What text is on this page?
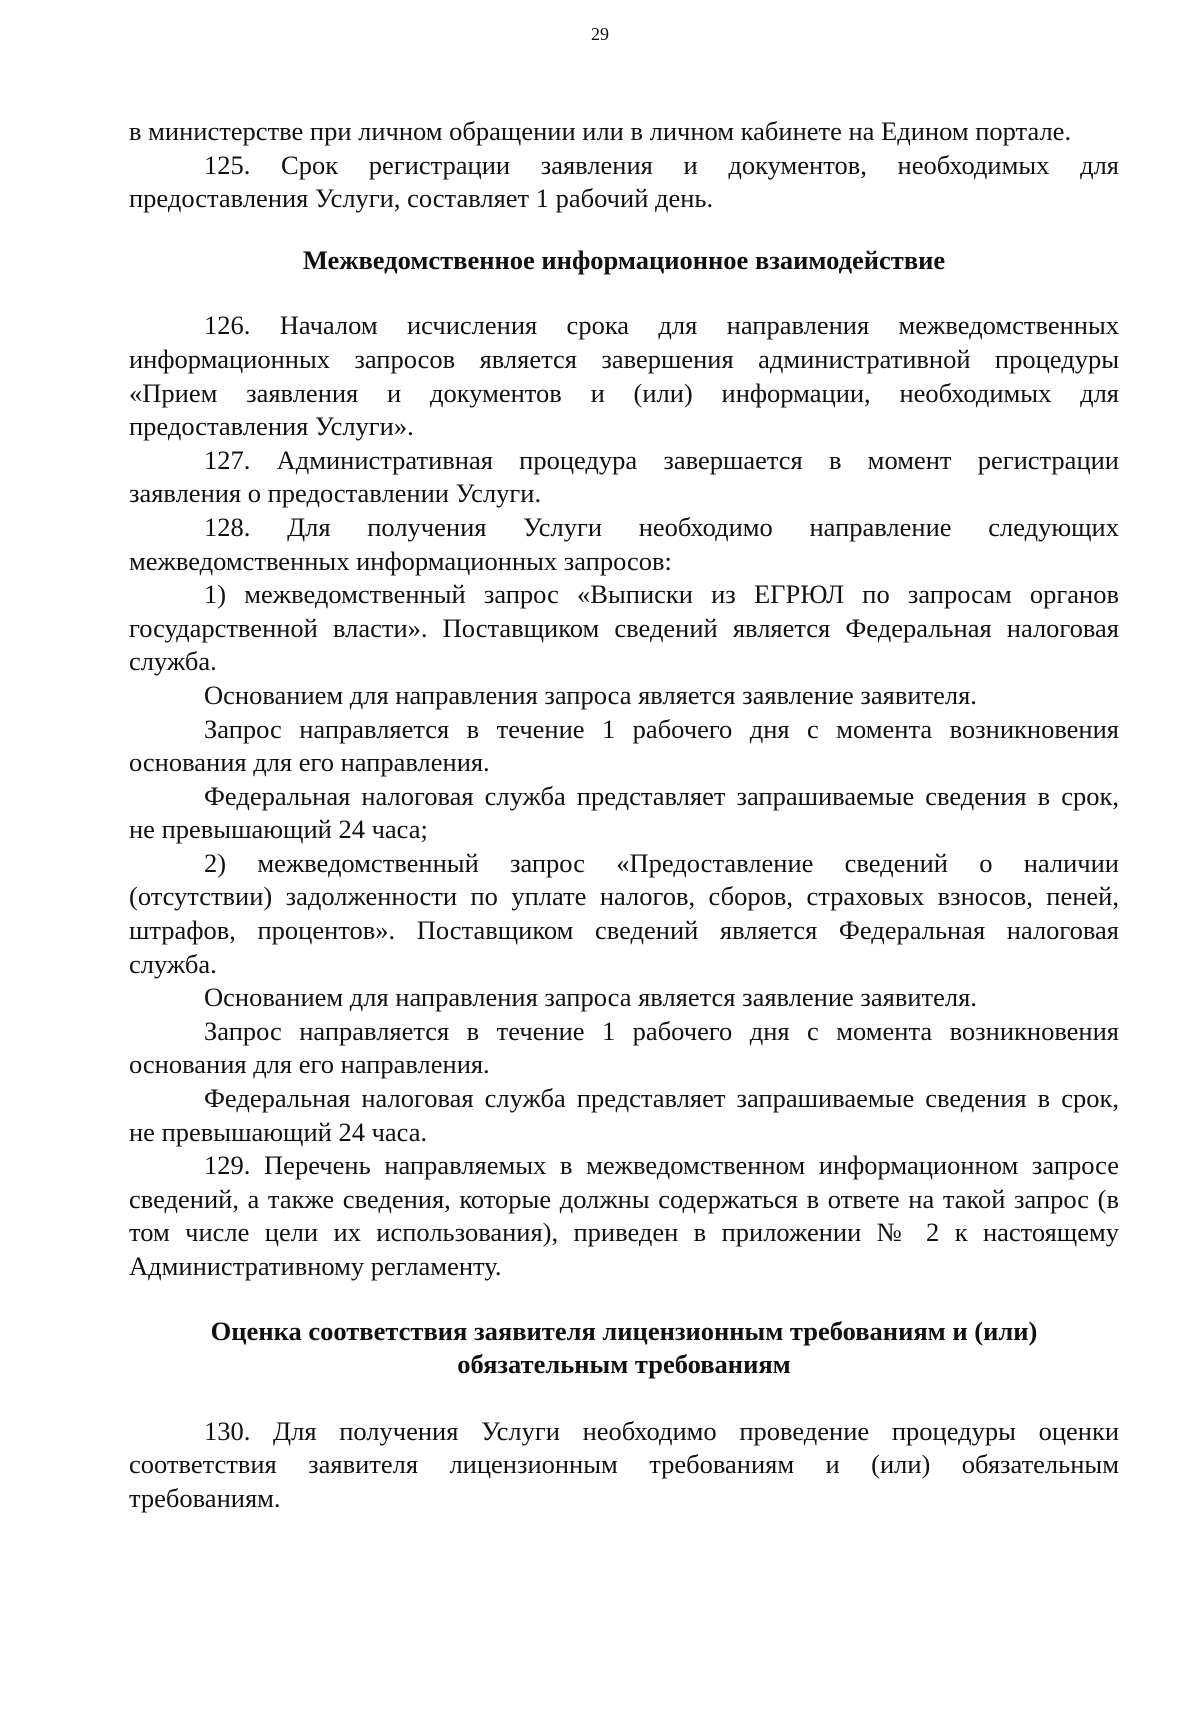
29

в министерстве при личном обращении или в личном кабинете на Едином портале.

125. Срок регистрации заявления и документов, необходимых для предоставления Услуги, составляет 1 рабочий день.

Межведомственное информационное взаимодействие

126. Началом исчисления срока для направления межведомственных информационных запросов является завершения административной процедуры «Прием заявления и документов и (или) информации, необходимых для предоставления Услуги».

127. Административная процедура завершается в момент регистрации заявления о предоставлении Услуги.

128. Для получения Услуги необходимо направление следующих межведомственных информационных запросов:

1) межведомственный запрос «Выписки из ЕГРЮЛ по запросам органов государственной власти». Поставщиком сведений является Федеральная налоговая служба.

Основанием для направления запроса является заявление заявителя.

Запрос направляется в течение 1 рабочего дня с момента возникновения основания для его направления.

Федеральная налоговая служба представляет запрашиваемые сведения в срок, не превышающий 24 часа;

2) межведомственный запрос «Предоставление сведений о наличии (отсутствии) задолженности по уплате налогов, сборов, страховых взносов, пеней, штрафов, процентов». Поставщиком сведений является Федеральная налоговая служба.

Основанием для направления запроса является заявление заявителя.

Запрос направляется в течение 1 рабочего дня с момента возникновения основания для его направления.

Федеральная налоговая служба представляет запрашиваемые сведения в срок, не превышающий 24 часа.

129. Перечень направляемых в межведомственном информационном запросе сведений, а также сведения, которые должны содержаться в ответе на такой запрос (в том числе цели их использования), приведен в приложении № 2 к настоящему Административному регламенту.

Оценка соответствия заявителя лицензионным требованиям и (или)
обязательным требованиям

130. Для получения Услуги необходимо проведение процедуры оценки соответствия заявителя лицензионным требованиям и (или) обязательным требованиям.
